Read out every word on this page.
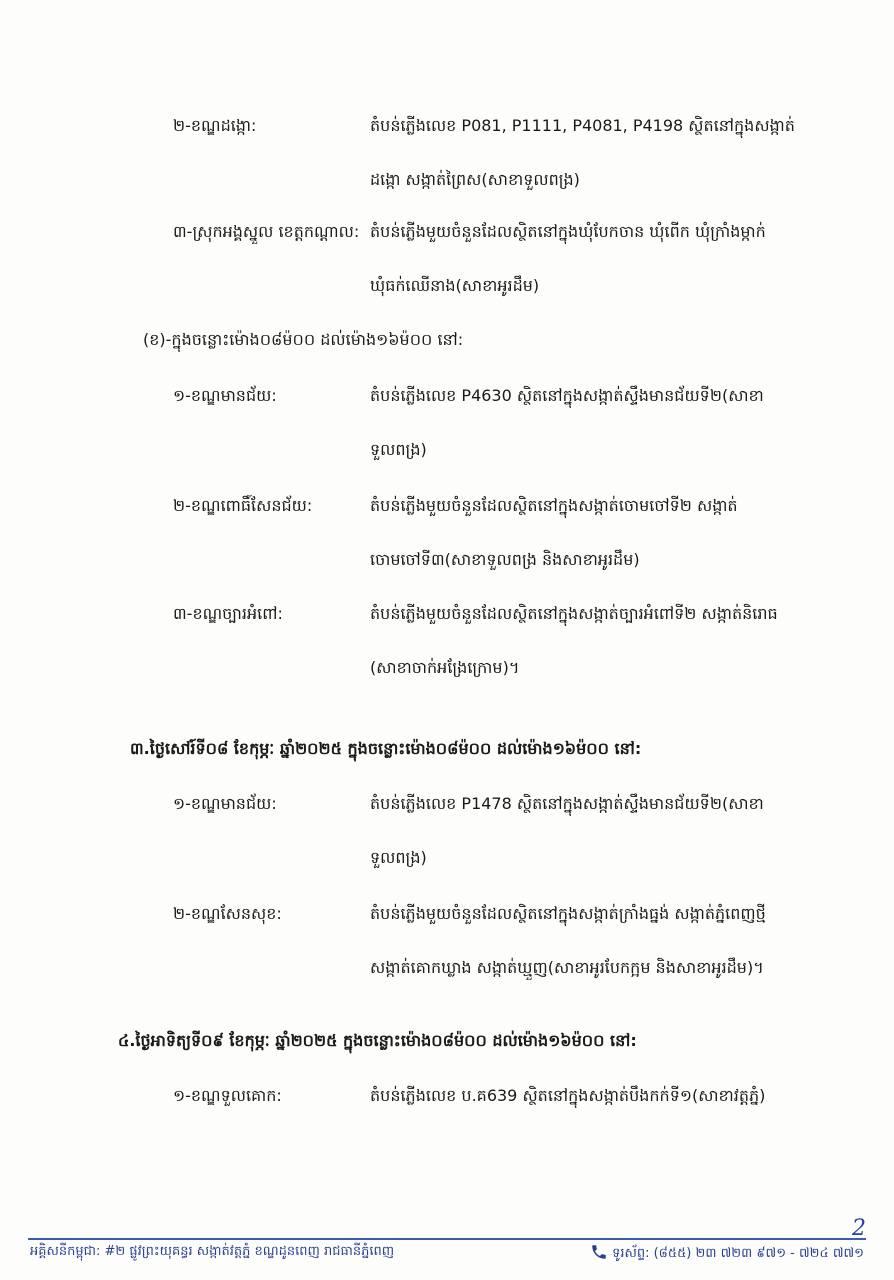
២-ខណ្ឌដង្កោ:	តំបន់ភ្លើងលេខ P081, P1111, P4081, P4198 ស្ថិតនៅក្នុងសង្កាត់
ដង្កោ សង្កាត់ព្រៃស(សាខាទួលពង្រ)
៣-ស្រុកអង្គស្នួល ខេត្តកណ្តាល: តំបន់ភ្លើងមួយចំនួនដែលស្ថិតនៅក្នុងឃុំបែកចាន ឃុំពើក ឃុំក្រាំងម្កាក់
ឃុំធក់ឈើនាង(សាខាអូរដឹម)
(ខ)-ក្នុងចន្លោះម៉ោង០៨ម៉០០ ដល់ម៉ោង១៦ម៉០០ នៅ:
១-ខណ្ឌមានជ័យ:	តំបន់ភ្លើងលេខ P4630 ស្ថិតនៅក្នុងសង្កាត់ស្ទឹងមានជ័យទី២(សាខា
ទួលពង្រ)
២-ខណ្ឌពោធិ៍សែនជ័យ:	តំបន់ភ្លើងមួយចំនួនដែលស្ថិតនៅក្នុងសង្កាត់ចោមចៅទី២ សង្កាត់
ចោមចៅទី៣(សាខាទួលពង្រ និងសាខាអូរដឹម)
៣-ខណ្ឌច្បារអំពៅ:	តំបន់ភ្លើងមួយចំនួនដែលស្ថិតនៅក្នុងសង្កាត់ច្បារអំពៅទី២ សង្កាត់និរោធ
(សាខាចាក់អង្រែក្រោម)។
៣.ថ្ងៃសៅរ៍ទី០៨ ខែកុម្ភៈ ឆ្នាំ២០២៥ ក្នុងចន្លោះម៉ោង០៨ម៉០០ ដល់ម៉ោង១៦ម៉០០ នៅ:
១-ខណ្ឌមានជ័យ:	តំបន់ភ្លើងលេខ P1478 ស្ថិតនៅក្នុងសង្កាត់ស្ទឹងមានជ័យទី២(សាខា
ទួលពង្រ)
២-ខណ្ឌសែនសុខ:	តំបន់ភ្លើងមួយចំនួនដែលស្ថិតនៅក្នុងសង្កាត់ក្រាំងធ្នង់ សង្កាត់ភ្នំពេញថ្មី
សង្កាត់គោកឃ្លាង សង្កាត់ឃ្មួញ(សាខាអូរបែកក្អម និងសាខាអូរដឹម)។
៤.ថ្ងៃអាទិត្យទី០៩ ខែកុម្ភៈ ឆ្នាំ២០២៥ ក្នុងចន្លោះម៉ោង០៨ម៉០០ ដល់ម៉ោង១៦ម៉០០ នៅ:
១-ខណ្ឌទួលគោក:	តំបន់ភ្លើងលេខ ប.គ639 ស្ថិតនៅក្នុងសង្កាត់បឹងកក់ទី១(សាខាវត្តភ្នំ)
2
អគ្គិសនីកម្ពុជា: #២ ផ្លូវព្រះយុគន្ធរ សង្កាត់វត្តភ្នំ ខណ្ឌដូនពេញ រាជធានីភ្នំពេញ	ទូរស័ព្ទ: (៨៥៥) ២៣ ៧២៣ ៩៧១ - ៧២៤ ៧៧១
